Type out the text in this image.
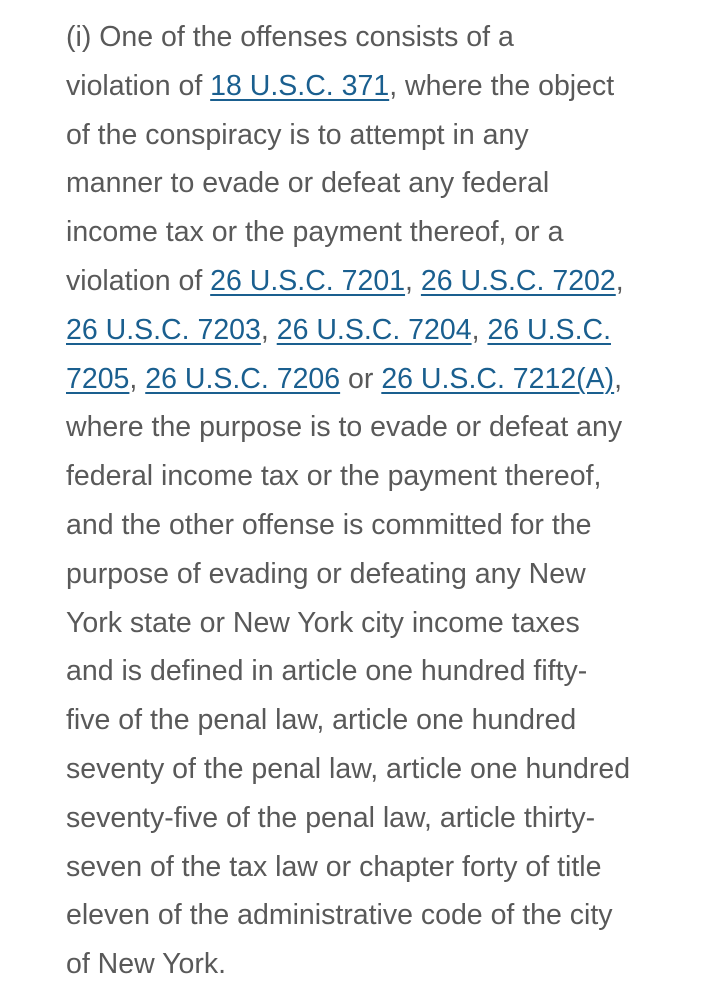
(i) One of the offenses consists of a
violation of 18 U.S.C. 371, where the object
of the conspiracy is to attempt in any
manner to evade or defeat any federal
income tax or the payment thereof, or a
violation of 26 U.S.C. 7201, 26 U.S.C. 7202,
26 U.S.C. 7203, 26 U.S.C. 7204, 26 U.S.C.
7205, 26 U.S.C. 7206 or 26 U.S.C. 7212(A),
where the purpose is to evade or defeat any
federal income tax or the payment thereof,
and the other offense is committed for the
purpose of evading or defeating any New
York state or New York city income taxes
and is defined in article one hundred fifty-
five of the penal law, article one hundred
seventy of the penal law, article one hundred
seventy-five of the penal law, article thirty-
seven of the tax law or chapter forty of title
eleven of the administrative code of the city
of New York.
